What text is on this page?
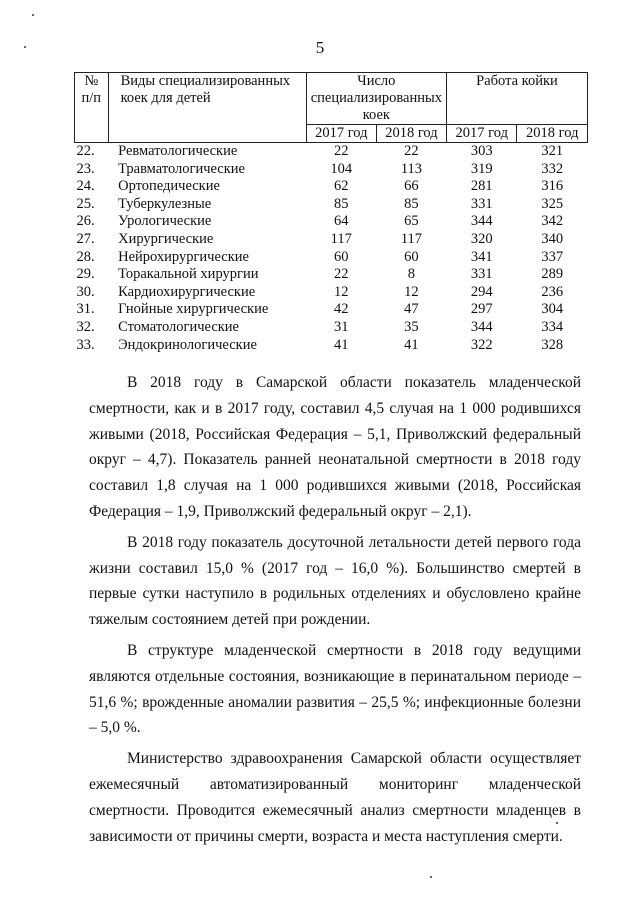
5
№ п/п	Виды специализированных коек для детей	Число специализированных коек		Работа койки	
		2017 год	2018 год	2017 год	2018 год
22.	Ревматологические	22	22	303	321
23.	Травматологические	104	113	319	332
24.	Ортопедические	62	66	281	316
25.	Туберкулезные	85	85	331	325
26.	Урологические	64	65	344	342
27.	Хирургические	117	117	320	340
28.	Нейрохирургические	60	60	341	337
29.	Торакальной хирургии	22	8	331	289
30.	Кардиохирургические	12	12	294	236
31.	Гнойные хирургические	42	47	297	304
32.	Стоматологические	31	35	344	334
33.	Эндокринологические	41	41	322	328

В 2018 году в Самарской области показатель младенческой смертности, как и в 2017 году, составил 4,5 случая на 1 000 родившихся живыми (2018, Российская Федерация – 5,1, Приволжский федеральный округ – 4,7). Показатель ранней неонатальной смертности в 2018 году составил 1,8 случая на 1 000 родившихся живыми (2018, Российская Федерация – 1,9, Приволжский федеральный округ – 2,1).

В 2018 году показатель досуточной летальности детей первого года жизни составил 15,0 % (2017 год – 16,0 %). Большинство смертей в первые сутки наступило в родильных отделениях и обусловлено крайне тяжелым состоянием детей при рождении.

В структуре младенческой смертности в 2018 году ведущими являются отдельные состояния, возникающие в перинатальном периоде – 51,6 %; врожденные аномалии развития – 25,5 %; инфекционные болезни – 5,0 %.

Министерство здравоохранения Самарской области осуществляет ежемесячный автоматизированный мониторинг младенческой смертности. Проводится ежемесячный анализ смертности младенцев в зависимости от причины смерти, возраста и места наступления смерти.
